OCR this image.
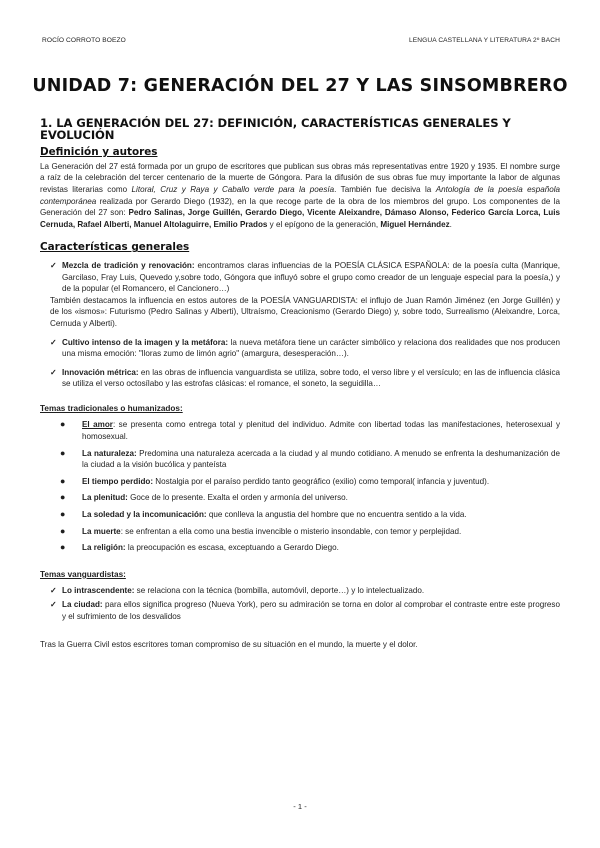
ROCÍO CORROTO BOEZO	LENGUA CASTELLANA Y LITERATURA 2º BACH
UNIDAD 7: GENERACIÓN DEL 27 Y LAS SINSOMBRERO
1. LA GENERACIÓN DEL 27: DEFINICIÓN, CARACTERÍSTICAS GENERALES Y EVOLUCIÓN
Definición y autores

La Generación del 27 está formada por un grupo de escritores que publican sus obras más representativas entre 1920 y 1935. El nombre surge a raíz de la celebración del tercer centenario de la muerte de Góngora. Para la difusión de sus obras fue muy importante la labor de algunas revistas literarias como Litoral, Cruz y Raya y Caballo verde para la poesía. También fue decisiva la Antología de la poesía española contemporánea realizada por Gerardo Diego (1932), en la que recoge parte de la obra de los miembros del grupo. Los componentes de la Generación del 27 son: Pedro Salinas, Jorge Guillén, Gerardo Diego, Vicente Aleixandre, Dámaso Alonso, Federico García Lorca, Luis Cernuda, Rafael Alberti, Manuel Altolaguirre, Emilio Prados y el epígono de la generación, Miguel Hernández.

Características generales
✓ Mezcla de tradición y renovación: encontramos claras influencias de la POESÍA CLÁSICA ESPAÑOLA: de la poesía culta (Manrique, Garcilaso, Fray Luis, Quevedo y,sobre todo, Góngora que influyó sobre el grupo como creador de un lenguaje especial para la poesía,) y de la popular (el Romancero, el Cancionero…)

También destacamos la influencia en estos autores de la POESÍA VANGUARDISTA: el influjo de Juan Ramón Jiménez (en Jorge Guillén) y de los «ismos»: Futurismo (Pedro Salinas y Alberti), Ultraísmo, Creacionismo (Gerardo Diego) y, sobre todo, Surrealismo (Aleixandre, Lorca, Cernuda y Alberti).

✓ Cultivo intenso de la imagen y la metáfora: la nueva metáfora tiene un carácter simbólico y relaciona dos realidades que nos producen una misma emoción: "lloras zumo de limón agrio" (amargura, desesperación…).
✓ Innovación métrica: en las obras de influencia vanguardista se utiliza, sobre todo, el verso libre y el versículo; en las de influencia clásica se utiliza el verso octosílabo y las estrofas clásicas: el romance, el soneto, la seguidilla…
Temas tradicionales o humanizados:
●	El amor: se presenta como entrega total y plenitud del individuo. Admite con libertad todas las manifestaciones, heterosexual y homosexual.
●	La naturaleza: Predomina una naturaleza acercada a la ciudad y al mundo cotidiano. A menudo se enfrenta la deshumanización de la ciudad a la visión bucólica y panteísta
●	El tiempo perdido: Nostalgia por el paraíso perdido tanto geográfico (exilio) como temporal( infancia y juventud).
●	La plenitud: Goce de lo presente. Exalta el orden y armonía del universo.
●	La soledad y la incomunicación: que conlleva la angustia del hombre que no encuentra sentido a la vida.
●	La muerte: se enfrentan a ella como una bestia invencible o misterio insondable, con temor y perplejidad.
●	La religión: la preocupación es escasa, exceptuando a Gerardo Diego.
Temas vanguardistas:
✓ Lo intrascendente: se relaciona con la técnica (bombilla, automóvil, deporte…) y lo intelectualizado.
✓ La ciudad: para ellos significa progreso (Nueva York), pero su admiración se torna en dolor al comprobar el contraste entre este progreso y el sufrimiento de los desvalidos

Tras la Guerra Civil estos escritores toman compromiso de su situación en el mundo, la muerte y el dolor.

- 1 -
